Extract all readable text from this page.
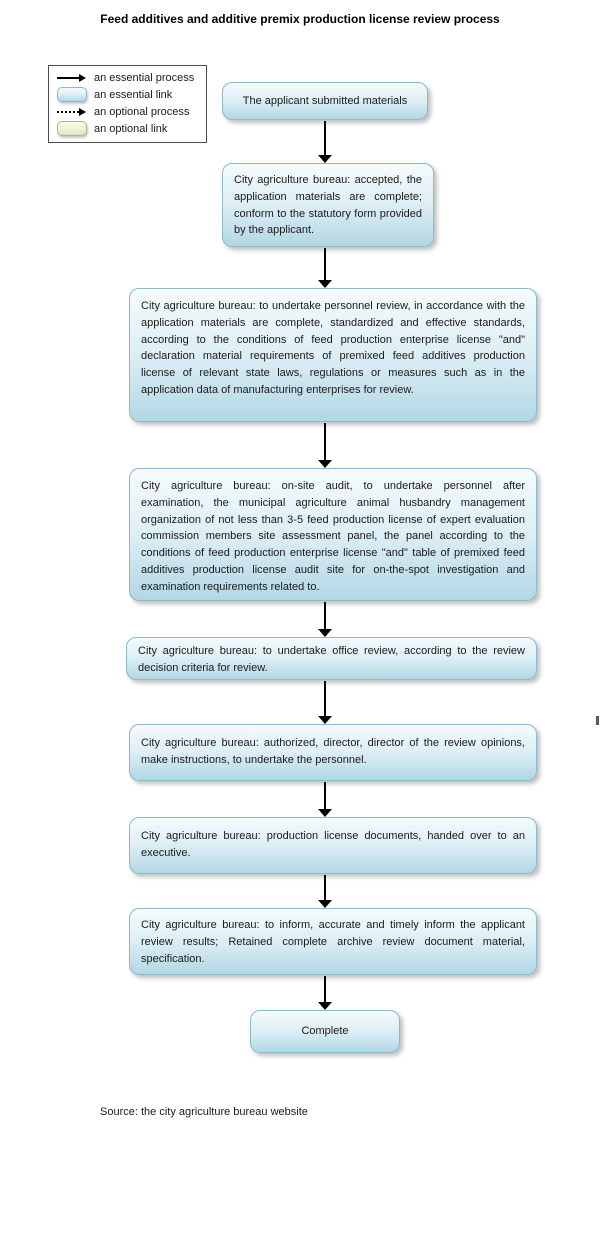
Feed additives and additive premix production license review process
an essential process
an essential link
an optional process
an optional link
The applicant submitted materials
City agriculture bureau: accepted, the application materials are complete; conform to the statutory form provided by the applicant.
City agriculture bureau: to undertake personnel review, in accordance with the application materials are complete, standardized and effective standards, according to the conditions of feed production enterprise license "and" declaration material requirements of premixed feed additives production license of relevant state laws, regulations or measures such as in the application data of manufacturing enterprises for review.
City agriculture bureau: on-site audit, to undertake personnel after examination, the municipal agriculture animal husbandry management organization of not less than 3-5 feed production license of expert evaluation commission members site assessment panel, the panel according to the conditions of feed production enterprise license "and" table of premixed feed additives production license audit site for on-the-spot investigation and examination requirements related to.
City agriculture bureau: to undertake office review, according to the review decision criteria for review.
City agriculture bureau: authorized, director, director of the review opinions, make instructions, to undertake the personnel.
City agriculture bureau: production license documents, handed over to an executive.
City agriculture bureau: to inform, accurate and timely inform the applicant review results; Retained complete archive review document material, specification.
Complete
Source: the city agriculture bureau website
